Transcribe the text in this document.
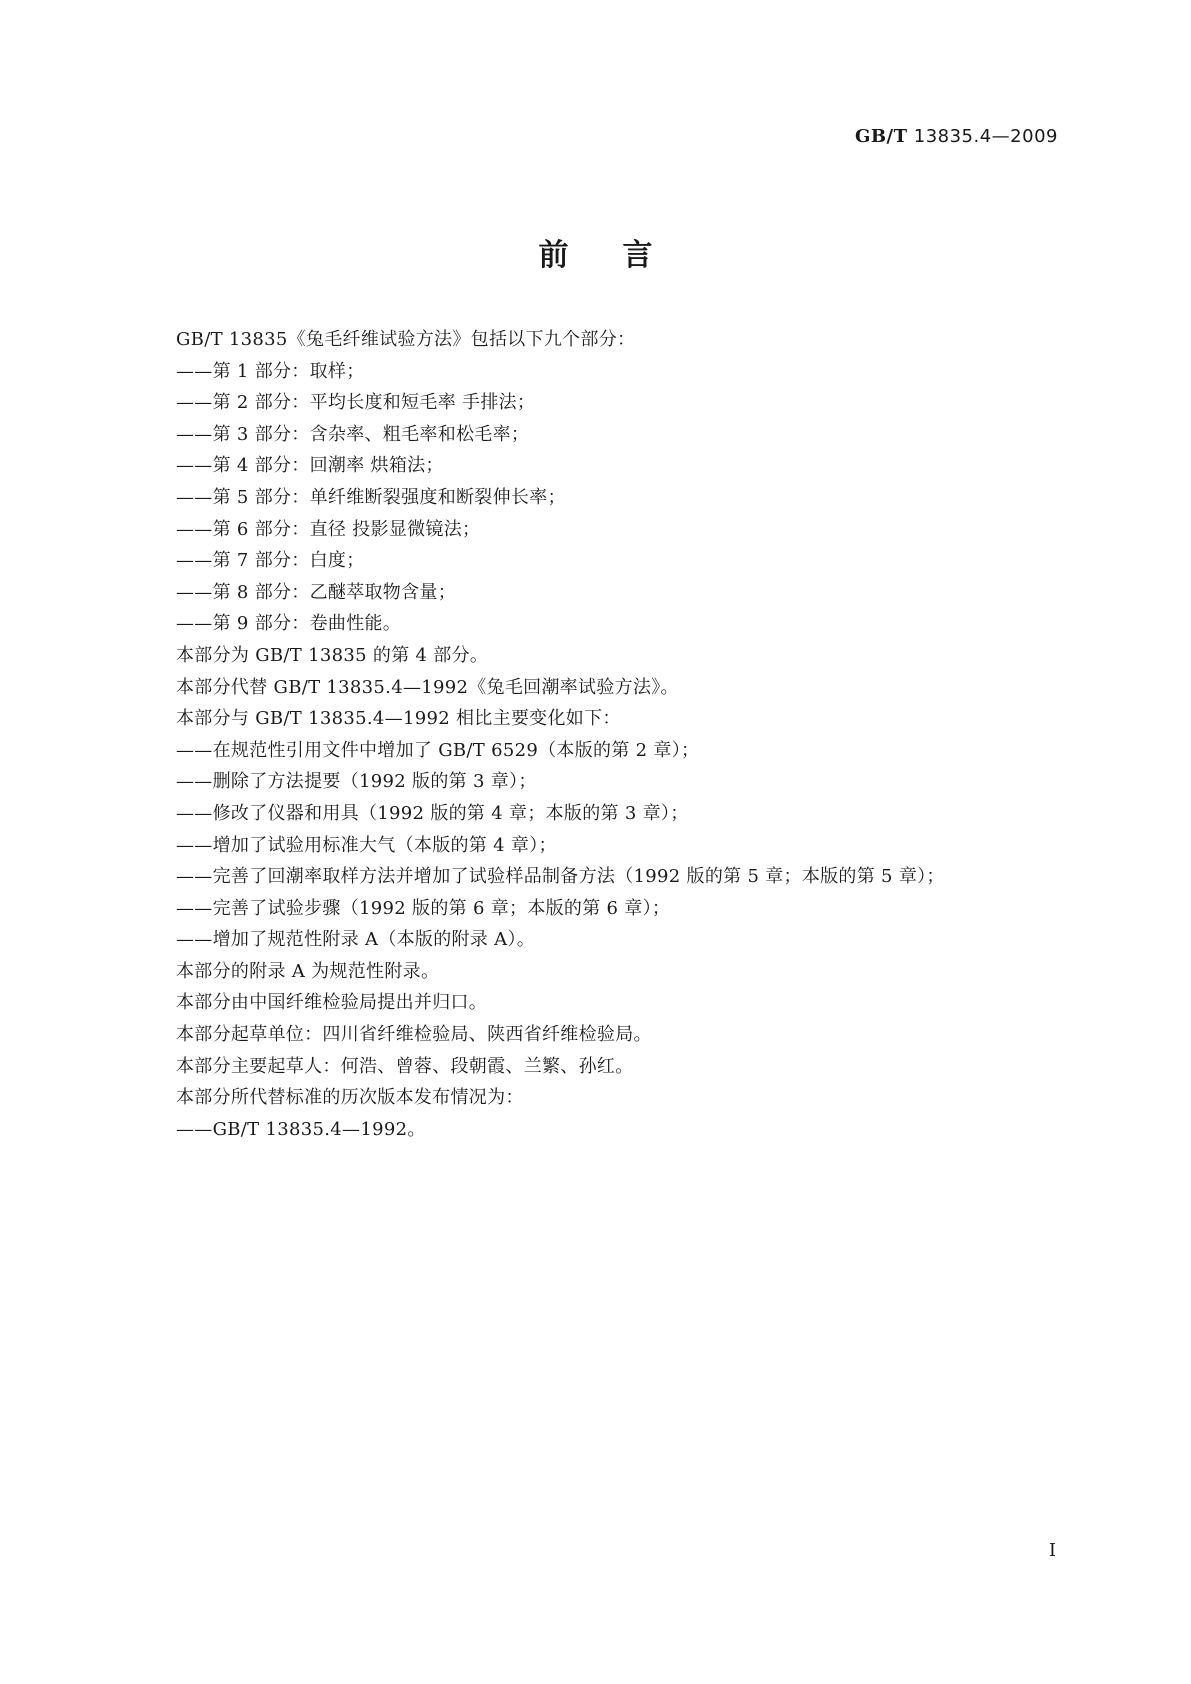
GB/T 13835.4—2009
前言
GB/T 13835《兔毛纤维试验方法》包括以下九个部分：
——第 1 部分：取样；
——第 2 部分：平均长度和短毛率 手排法；
——第 3 部分：含杂率、粗毛率和松毛率；
——第 4 部分：回潮率 烘箱法；
——第 5 部分：单纤维断裂强度和断裂伸长率；
——第 6 部分：直径 投影显微镜法；
——第 7 部分：白度；
——第 8 部分：乙醚萃取物含量；
——第 9 部分：卷曲性能。
本部分为 GB/T 13835 的第 4 部分。
本部分代替 GB/T 13835.4—1992《兔毛回潮率试验方法》。
本部分与 GB/T 13835.4—1992 相比主要变化如下：
——在规范性引用文件中增加了 GB/T 6529（本版的第 2 章）；
——删除了方法提要（1992 版的第 3 章）；
——修改了仪器和用具（1992 版的第 4 章；本版的第 3 章）；
——增加了试验用标准大气（本版的第 4 章）；
——完善了回潮率取样方法并增加了试验样品制备方法（1992 版的第 5 章；本版的第 5 章）；
——完善了试验步骤（1992 版的第 6 章；本版的第 6 章）；
——增加了规范性附录 A（本版的附录 A）。
本部分的附录 A 为规范性附录。
本部分由中国纤维检验局提出并归口。
本部分起草单位：四川省纤维检验局、陕西省纤维检验局。
本部分主要起草人：何浩、曾蓉、段朝霞、兰繁、孙红。
本部分所代替标准的历次版本发布情况为：
——GB/T 13835.4—1992。
I
